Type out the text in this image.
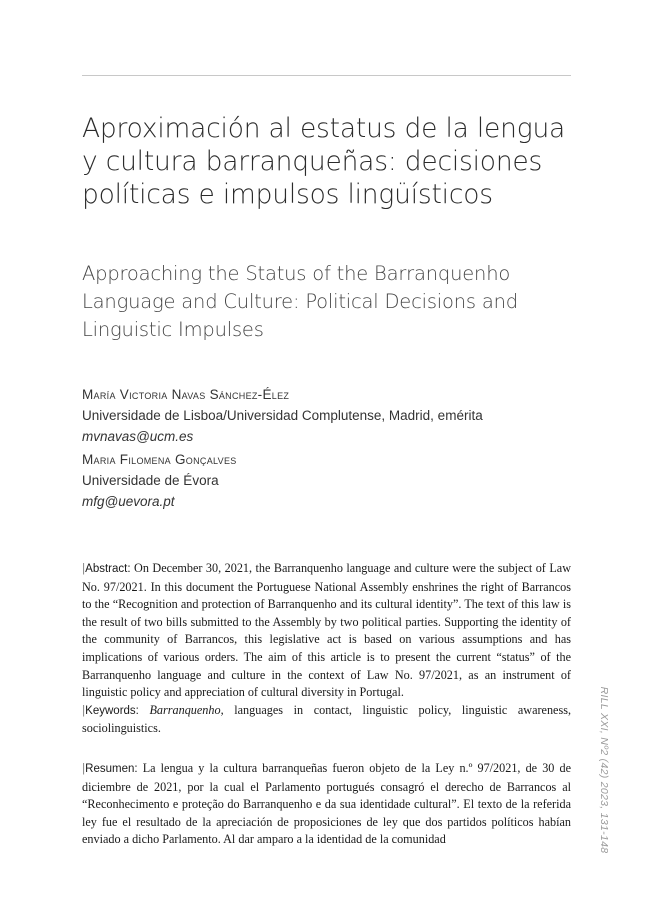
Aproximación al estatus de la lengua
y cultura barranqueñas: decisiones
políticas e impulsos lingüísticos
Approaching the Status of the Barranquenho
Language and Culture: Political Decisions and
Linguistic Impulses
María Victoria Navas Sánchez-Élez
Universidade de Lisboa/Universidad Complutense, Madrid, emérita
mvnavas@ucm.es
Maria Filomena Gonçalves
Universidade de Évora
mfg@uevora.pt

|Abstract: On December 30, 2021, the Barranquenho language and culture were the subject of Law No. 97/2021. In this document the Portuguese National Assembly enshrines the right of Barrancos to the “Recognition and protection of Barranquenho and its cultural identity”. The text of this law is the result of two bills submitted to the Assembly by two political parties. Supporting the identity of the community of Barrancos, this legislative act is based on various assumptions and has implications of various orders. The aim of this article is to present the current “status” of the Barranquenho language and culture in the context of Law No. 97/2021, as an instrument of linguistic policy and appreciation of cultural diversity in Portugal.

|Keywords: Barranquenho, languages in contact, linguistic policy, linguistic awareness, sociolinguistics.

|Resumen: La lengua y la cultura barranqueñas fueron objeto de la Ley n.º 97/2021, de 30 de diciembre de 2021, por la cual el Parlamento portugués consagró el derecho de Barrancos al “Reconhecimento e proteção do Barranquenho e da sua identidade cultural”. El texto de la referida ley fue el resultado de la apreciación de proposiciones de ley que dos partidos políticos habían enviado a dicho Parlamento. Al dar amparo a la identidad de la comunidad	RILL XXI, Nº2 (42) 2023, 131-148
